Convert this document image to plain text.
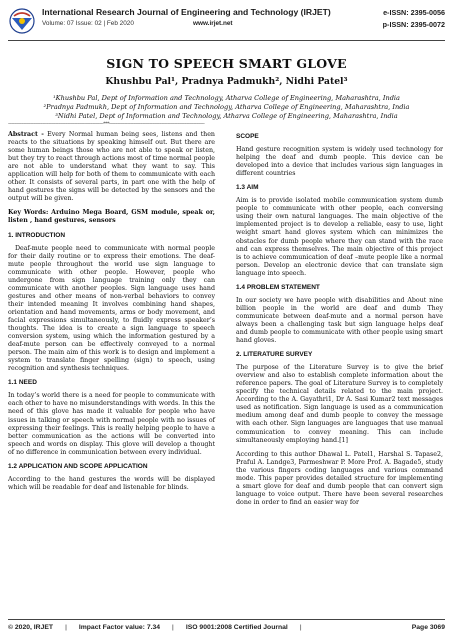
International Research Journal of Engineering and Technology (IRJET)
Volume: 07 Issue: 02 | Feb 2020	www.irjet.net
e-ISSN: 2395-0056
p-ISSN: 2395-0072
SIGN TO SPEECH SMART GLOVE
Khushbu Pal¹, Pradnya Padmukh², Nidhi Patel³
¹Khushbu Pal, Dept of Information and Technology, Atharva College of Engineering, Maharashtra, India
²Pradnya Padmukh, Dept of Information and Technology, Atharva College of Engineering, Maharashtra, India
³Nidhi Patel, Dept of Information and Technology, Atharva College of Engineering, Maharashtra, India
--------------------------------------------------------------------------------***--------------------------------------------------------------------------------

Abstract - Every Normal human being sees, listens and then reacts to the situations by speaking himself out. But there are some human beings those who are not able to speak or listen, but they try to react through actions most of time normal people are not able to understand what they want to say. This application will help for both of them to communicate with each other. It consists of several parts, in part one with the help of hand gestures the signs will be detected by the sensors and the output will be given.

Key Words: Arduino Mega Board, GSM module, speak or, listen , hand gestures, sensors

1. INTRODUCTION

Deaf-mute people need to communicate with normal people for their daily routine or to express their emotions. The deaf-mute people throughout the world use sign language to communicate with other people. However, people who undergone from sign language training only they can communicate with another peoples. Sign language uses hand gestures and other means of non-verbal behaviors to convey their intended meaning It involves combining hand shapes, orientation and hand movements, arms or body movement, and facial expressions simultaneously, to fluidly express speaker’s thoughts. The idea is to create a sign language to speech conversion system, using which the information gestured by a deaf-mute person can be effectively conveyed to a normal person. The main aim of this work is to design and implement a system to translate finger spelling (sign) to speech, using recognition and synthesis techniques.

1.1 NEED

In today’s world there is a need for people to communicate with each other to have no misunderstandings with words. In this the need of this glove has made it valuable for people who have issues in talking or speech with normal people with no issues of expressing their feelings. This is really helping people to have a better communication as the actions will be converted into speech and words on display. This glove will develop a thought of no difference in communication between every individual.

1.2 APPLICATION AND SCOPE APPLICATION

According to the hand gestures the words will be displayed which will be readable for deaf and listenable for blinds.

SCOPE

Hand gesture recognition system is widely used technology for helping the deaf and dumb people. This device can be developed into a device that includes various sign languages in different countries

1.3 AIM

Aim is to provide isolated mobile communication system dumb people to communicate with other people, each conversing using their own natural languages. The main objective of the implemented project is to develop a reliable, easy to use, light weight smart hand gloves system which can minimizes the obstacles for dumb people where they can stand with the race and can express themselves. The main objective of this project is to achieve communication of deaf –mute people like a normal person. Develop an electronic device that can translate sign language into speech.

1.4 PROBLEM STATEMENT

In our society we have people with disabilities and About nine billion people in the world are deaf and dumb They communicate between deaf-mute and a normal person have always been a challenging task but sign language helps deaf and dumb people to communicate with other people using smart hand gloves.

2. LITERATURE SURVEY

The purpose of the Literature Survey is to give the brief overview and also to establish complete information about the reference papers. The goal of Literature Survey is to completely specify the technical details related to the main project. According to the A. Gayathri1, Dr A. Sasi Kumar2 text messages used as notification. Sign language is used as a communication medium among deaf and dumb people to convey the message with each other. Sign languages are languages that use manual communication to convey meaning. This can include simultaneously employing hand.[1]

According to this author Dhawal L. Patel1, Harshal S. Tapase2, Praful A. Landge3, Parmeshwar P. More Prof. A. Bagade5, study the various fingers coding languages and various command mode. This paper provides detailed structure for implementing a smart glove for deaf and dumb people that can convert sign language to voice output. There have been several researches done in order to find an easier way for

© 2020, IRJET | Impact Factor value: 7.34 | ISO 9001:2008 Certified Journal |	Page 3069
